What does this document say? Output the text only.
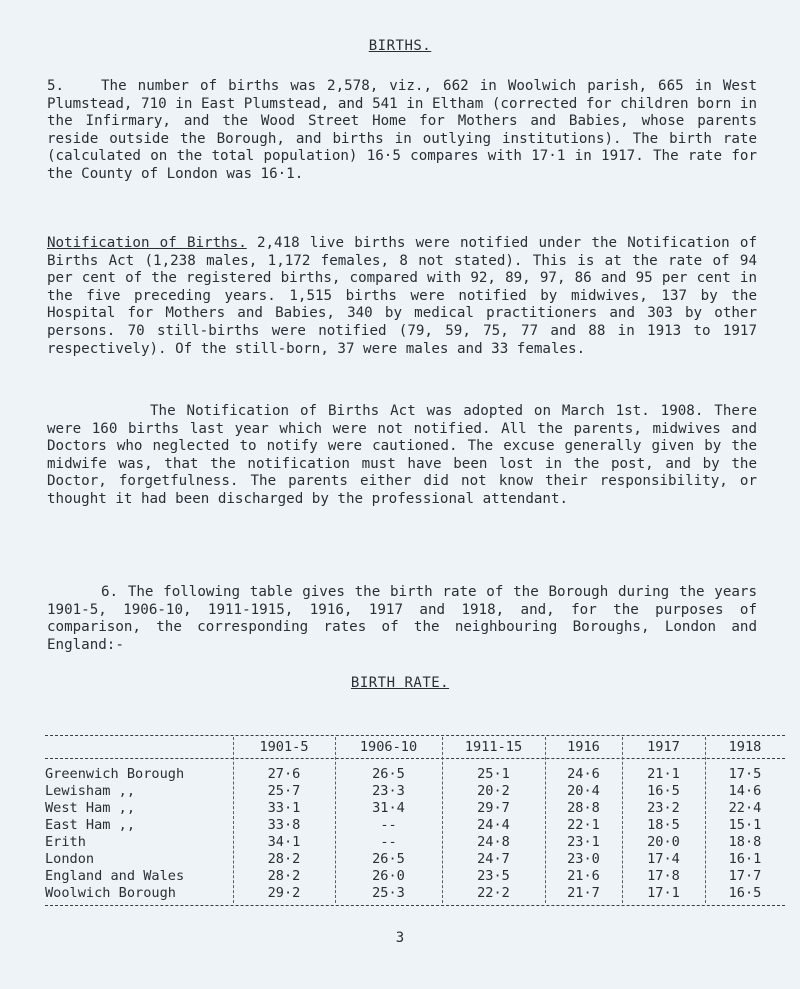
BIRTHS.

5.	The number of births was 2,578, viz., 662 in Woolwich parish, 665 in West Plumstead, 710 in East Plumstead, and 541 in Eltham (corrected for children born in the Infirmary, and the Wood Street Home for Mothers and Babies, whose parents reside outside the Borough, and births in outlying institutions). The birth rate (calculated on the total population) 16·5 compares with 17·1 in 1917. The rate for the County of London was 16·1.

Notification of Births. 2,418 live births were notified under the Notification of Births Act (1,238 males, 1,172 females, 8 not stated). This is at the rate of 94 per cent of the registered births, compared with 92, 89, 97, 86 and 95 per cent in the five preceding years. 1,515 births were notified by midwives, 137 by the Hospital for Mothers and Babies, 340 by medical practitioners and 303 by other persons. 70 still-births were notified (79, 59, 75, 77 and 88 in 1913 to 1917 respectively). Of the still-born, 37 were males and 33 females.

The Notification of Births Act was adopted on March 1st. 1908. There were 160 births last year which were not notified. All the parents, midwives and Doctors who neglected to notify were cautioned. The excuse generally given by the midwife was, that the notification must have been lost in the post, and by the Doctor, forgetfulness. The parents either did not know their responsibility, or thought it had been discharged by the professional attendant.

6. The following table gives the birth rate of the Borough during the years 1901-5, 1906-10, 1911-1915, 1916, 1917 and 1918, and, for the purposes of comparison, the corresponding rates of the neighbouring Boroughs, London and England:-

BIRTH RATE.
1901-5	1906-10	1911-15	1916	1917	1918
Greenwich Borough	27·6	26·5	25·1	24·6	21·1	17·5
Lewisham ,,	25·7	23·3	20·2	20·4	16·5	14·6
West Ham ,,	33·1	31·4	29·7	28·8	23·2	22·4
East Ham ,,	33·8	--	24·4	22·1	18·5	15·1
Erith	34·1	--	24·8	23·1	20·0	18·8
London	28·2	26·5	24·7	23·0	17·4	16·1
England and Wales	28·2	26·0	23·5	21·6	17·8	17·7
Woolwich Borough	29·2	25·3	22·2	21·7	17·1	16·5
3
